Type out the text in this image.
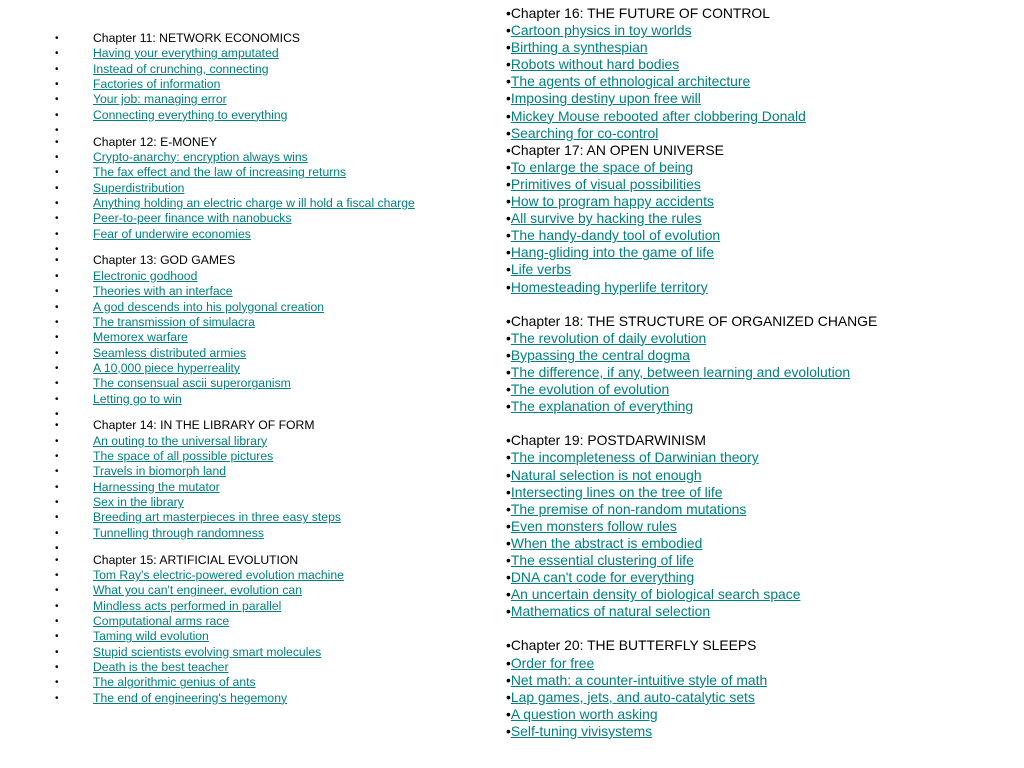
•	Chapter 11: NETWORK ECONOMICS
•	Having your everything amputated
•	Instead of crunching, connecting
•	Factories of information
•	Your job: managing error
•	Connecting everything to everything
•
•	Chapter 12: E-MONEY
•	Crypto-anarchy: encryption always wins
•	The fax effect and the law of increasing returns
•	Superdistribution
•	Anything holding an electric charge w ill hold a fiscal charge
•	Peer-to-peer finance with nanobucks
•	Fear of underwire economies
•
•	Chapter 13: GOD GAMES
•	Electronic godhood
•	Theories with an interface
•	A god descends into his polygonal creation
•	The transmission of simulacra
•	Memorex warfare
•	Seamless distributed armies
•	A 10,000 piece hyperreality
•	The consensual ascii superorganism
•	Letting go to win
•
•	Chapter 14: IN THE LIBRARY OF FORM
•	An outing to the universal library
•	The space of all possible pictures
•	Travels in biomorph land
•	Harnessing the mutator
•	Sex in the library
•	Breeding art masterpieces in three easy steps
•	Tunnelling through randomness
•
•	Chapter 15: ARTIFICIAL EVOLUTION
•	Tom Ray's electric-powered evolution machine
•	What you can't engineer, evolution can
•	Mindless acts performed in parallel
•	Computational arms race
•	Taming wild evolution
•	Stupid scientists evolving smart molecules
•	Death is the best teacher
•	The algorithmic genius of ants
•	The end of engineering's hegemony
•Chapter 16: THE FUTURE OF CONTROL
•Cartoon physics in toy worlds
•Birthing a synthespian
•Robots without hard bodies
•The agents of ethnological architecture
•Imposing destiny upon free will
•Mickey Mouse rebooted after clobbering Donald
•Searching for co-control
•Chapter 17: AN OPEN UNIVERSE
•To enlarge the space of being
•Primitives of visual possibilities
•How to program happy accidents
•All survive by hacking the rules
•The handy-dandy tool of evolution
•Hang-gliding into the game of life
•Life verbs
•Homesteading hyperlife territory
•Chapter 18: THE STRUCTURE OF ORGANIZED CHANGE
•The revolution of daily evolution
•Bypassing the central dogma
•The difference, if any, between learning and evololution
•The evolution of evolution
•The explanation of everything
•Chapter 19: POSTDARWINISM
•The incompleteness of Darwinian theory
•Natural selection is not enough
•Intersecting lines on the tree of life
•The premise of non-random mutations
•Even monsters follow rules
•When the abstract is embodied
•The essential clustering of life
•DNA can't code for everything
•An uncertain density of biological search space
•Mathematics of natural selection
•Chapter 20: THE BUTTERFLY SLEEPS
•Order for free
•Net math: a counter-intuitive style of math
•Lap games, jets, and auto-catalytic sets
•A question worth asking
•Self-tuning vivisystems
